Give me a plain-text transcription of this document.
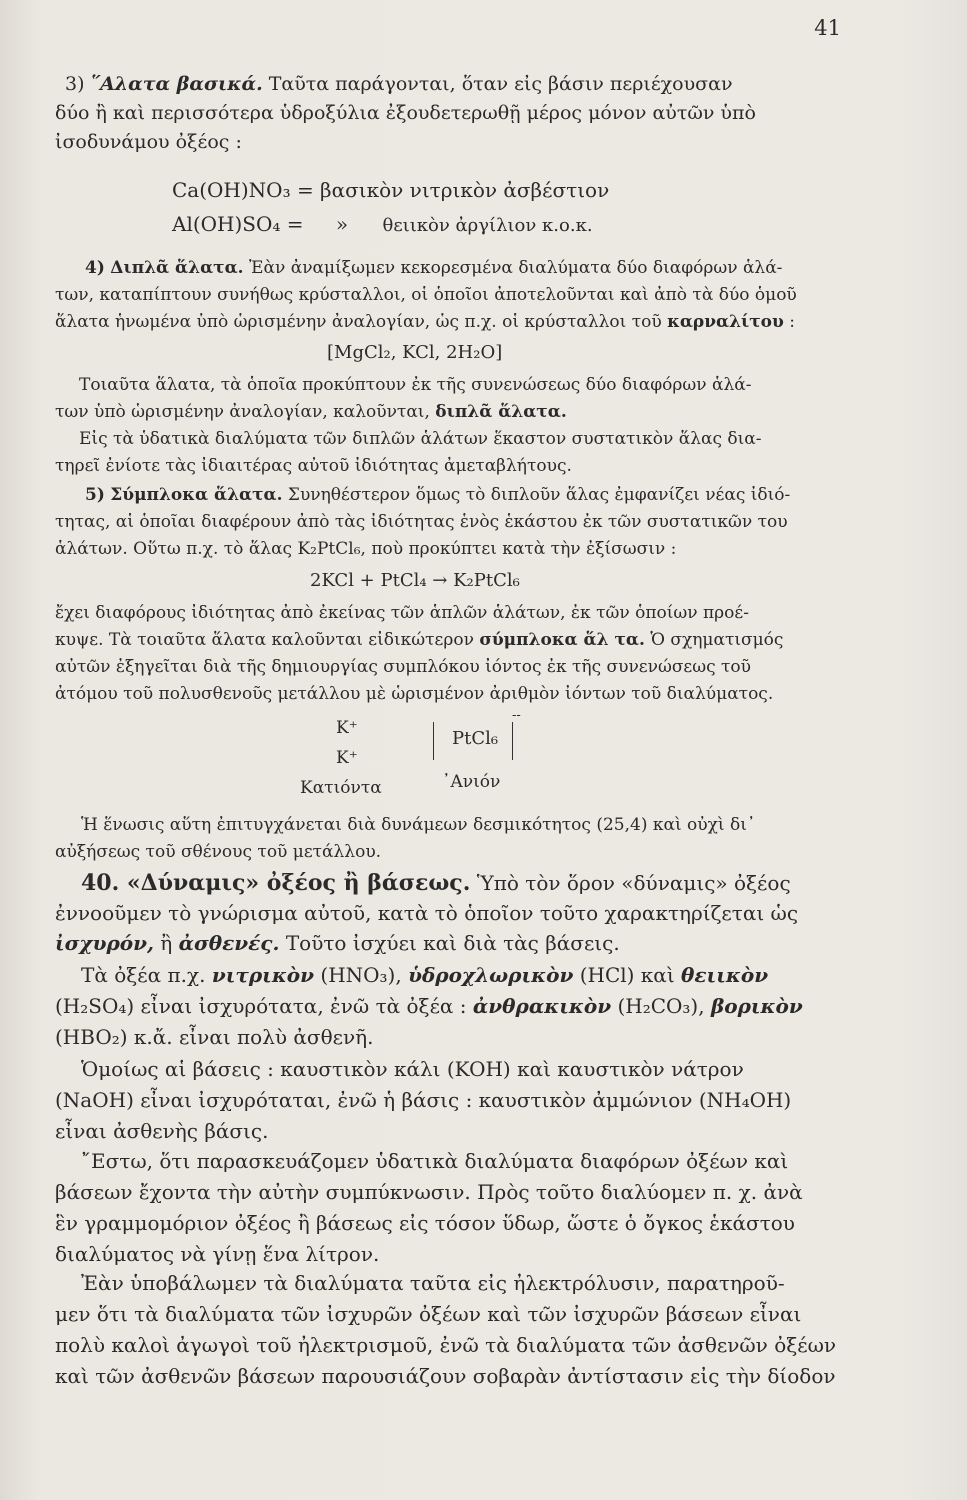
41
3) ῞Αλατα βασικά. Ταῦτα παράγονται, ὅταν εἰς βάσιν περιέχουσαν
δύο ἢ καὶ περισσότερα ὑδροξύλια ἐξουδετερωθῇ μέρος μόνον αὐτῶν ὑπὸ
ἰσοδυνάμου ὀξέος :
Ca(OH)NO₃ = βασικὸν νιτρικὸν ἀσβέστιον
Al(OH)SO₄ = » θειικὸν ἀργίλιον κ.ο.κ.
4) Διπλᾶ ἅλατα. Ἐὰν ἀναμίξωμεν κεκορεσμένα διαλύματα δύο διαφόρων ἁλά-
των, καταπίπτουν συνήθως κρύσταλλοι, οἱ ὁποῖοι ἀποτελοῦνται καὶ ἀπὸ τὰ δύο ὁμοῦ
ἅλατα ἡνωμένα ὑπὸ ὡρισμένην ἀναλογίαν, ὡς π.χ. οἱ κρύσταλλοι τοῦ καρναλίτου :
[MgCl₂, KCl, 2H₂O]
Τοιαῦτα ἅλατα, τὰ ὁποῖα προκύπτουν ἐκ τῆς συνενώσεως δύο διαφόρων ἁλά-
των ὑπὸ ὡρισμένην ἀναλογίαν, καλοῦνται, διπλᾶ ἅλατα.
Εἰς τὰ ὑδατικὰ διαλύματα τῶν διπλῶν ἁλάτων ἕκαστον συστατικὸν ἅλας δια-
τηρεῖ ἐνίοτε τὰς ἰδιαιτέρας αὐτοῦ ἰδιότητας ἀμεταβλήτους.
5) Σύμπλοκα ἅλατα. Συνηθέστερον ὅμως τὸ διπλοῦν ἅλας ἐμφανίζει νέας ἰδιό-
τητας, αἱ ὁποῖαι διαφέρουν ἀπὸ τὰς ἰδιότητας ἑνὸς ἑκάστου ἐκ τῶν συστατικῶν του
ἁλάτων. Οὕτω π.χ. τὸ ἅλας K₂PtCl₆, ποὺ προκύπτει κατὰ τὴν ἐξίσωσιν :
2KCl + PtCl₄ → K₂PtCl₆
ἔχει διαφόρους ἰδιότητας ἀπὸ ἐκείνας τῶν ἁπλῶν ἁλάτων, ἐκ τῶν ὁποίων προέ-
κυψε. Τὰ τοιαῦτα ἅλατα καλοῦνται εἰδικώτερον σύμπλοκα ἅλ τα. Ὁ σχηματισμός
αὐτῶν ἐξηγεῖται διὰ τῆς δημιουργίας συμπλόκου ἰόντος ἐκ τῆς συνενώσεως τοῦ
ἀτόμου τοῦ πολυσθενοῦς μετάλλου μὲ ὡρισμένον ἀριθμὸν ἰόντων τοῦ διαλύματος.
K⁺
K⁺
PtCl₆
--
Κατιόντα	᾿Ανιόν
Ἡ ἕνωσις αὕτη ἐπιτυγχάνεται διὰ δυνάμεων δεσμικότητος (25,4) καὶ οὐχὶ δι᾿
αὐξήσεως τοῦ σθένους τοῦ μετάλλου.
40. «Δύναμις» ὀξέος ἢ βάσεως. Ὑπὸ τὸν ὅρον «δύναμις» ὀξέος
ἐννοοῦμεν τὸ γνώρισμα αὐτοῦ, κατὰ τὸ ὁποῖον τοῦτο χαρακτηρίζεται ὡς
ἰσχυρόν, ἢ ἀσθενές. Τοῦτο ἰσχύει καὶ διὰ τὰς βάσεις.
Τὰ ὀξέα π.χ. νιτρικὸν (HNO₃), ὑδροχλωρικὸν (HCl) καὶ θειικὸν
(H₂SO₄) εἶναι ἰσχυρότατα, ἐνῶ τὰ ὀξέα : ἀνθρακικὸν (H₂CO₃), βορικὸν
(HBO₂) κ.ἄ. εἶναι πολὺ ἀσθενῆ.
Ὁμοίως αἱ βάσεις : καυστικὸν κάλι (KOH) καὶ καυστικὸν νάτρον
(NaOH) εἶναι ἰσχυρόταται, ἐνῶ ἡ βάσις : καυστικὸν ἀμμώνιον (NH₄OH)
εἶναι ἀσθενὴς βάσις.
῎Εστω, ὅτι παρασκευάζομεν ὑδατικὰ διαλύματα διαφόρων ὀξέων καὶ
βάσεων ἔχοντα τὴν αὐτὴν συμπύκνωσιν. Πρὸς τοῦτο διαλύομεν π. χ. ἀνὰ
ἓν γραμμομόριον ὀξέος ἢ βάσεως εἰς τόσον ὕδωρ, ὥστε ὁ ὄγκος ἑκάστου
διαλύματος νὰ γίνῃ ἕνα λίτρον.
Ἐὰν ὑποβάλωμεν τὰ διαλύματα ταῦτα εἰς ἠλεκτρόλυσιν, παρατηροῦ-
μεν ὅτι τὰ διαλύματα τῶν ἰσχυρῶν ὀξέων καὶ τῶν ἰσχυρῶν βάσεων εἶναι
πολὺ καλοὶ ἀγωγοὶ τοῦ ἠλεκτρισμοῦ, ἐνῶ τὰ διαλύματα τῶν ἀσθενῶν ὀξέων
καὶ τῶν ἀσθενῶν βάσεων παρουσιάζουν σοβαρὰν ἀντίστασιν εἰς τὴν δίοδον
